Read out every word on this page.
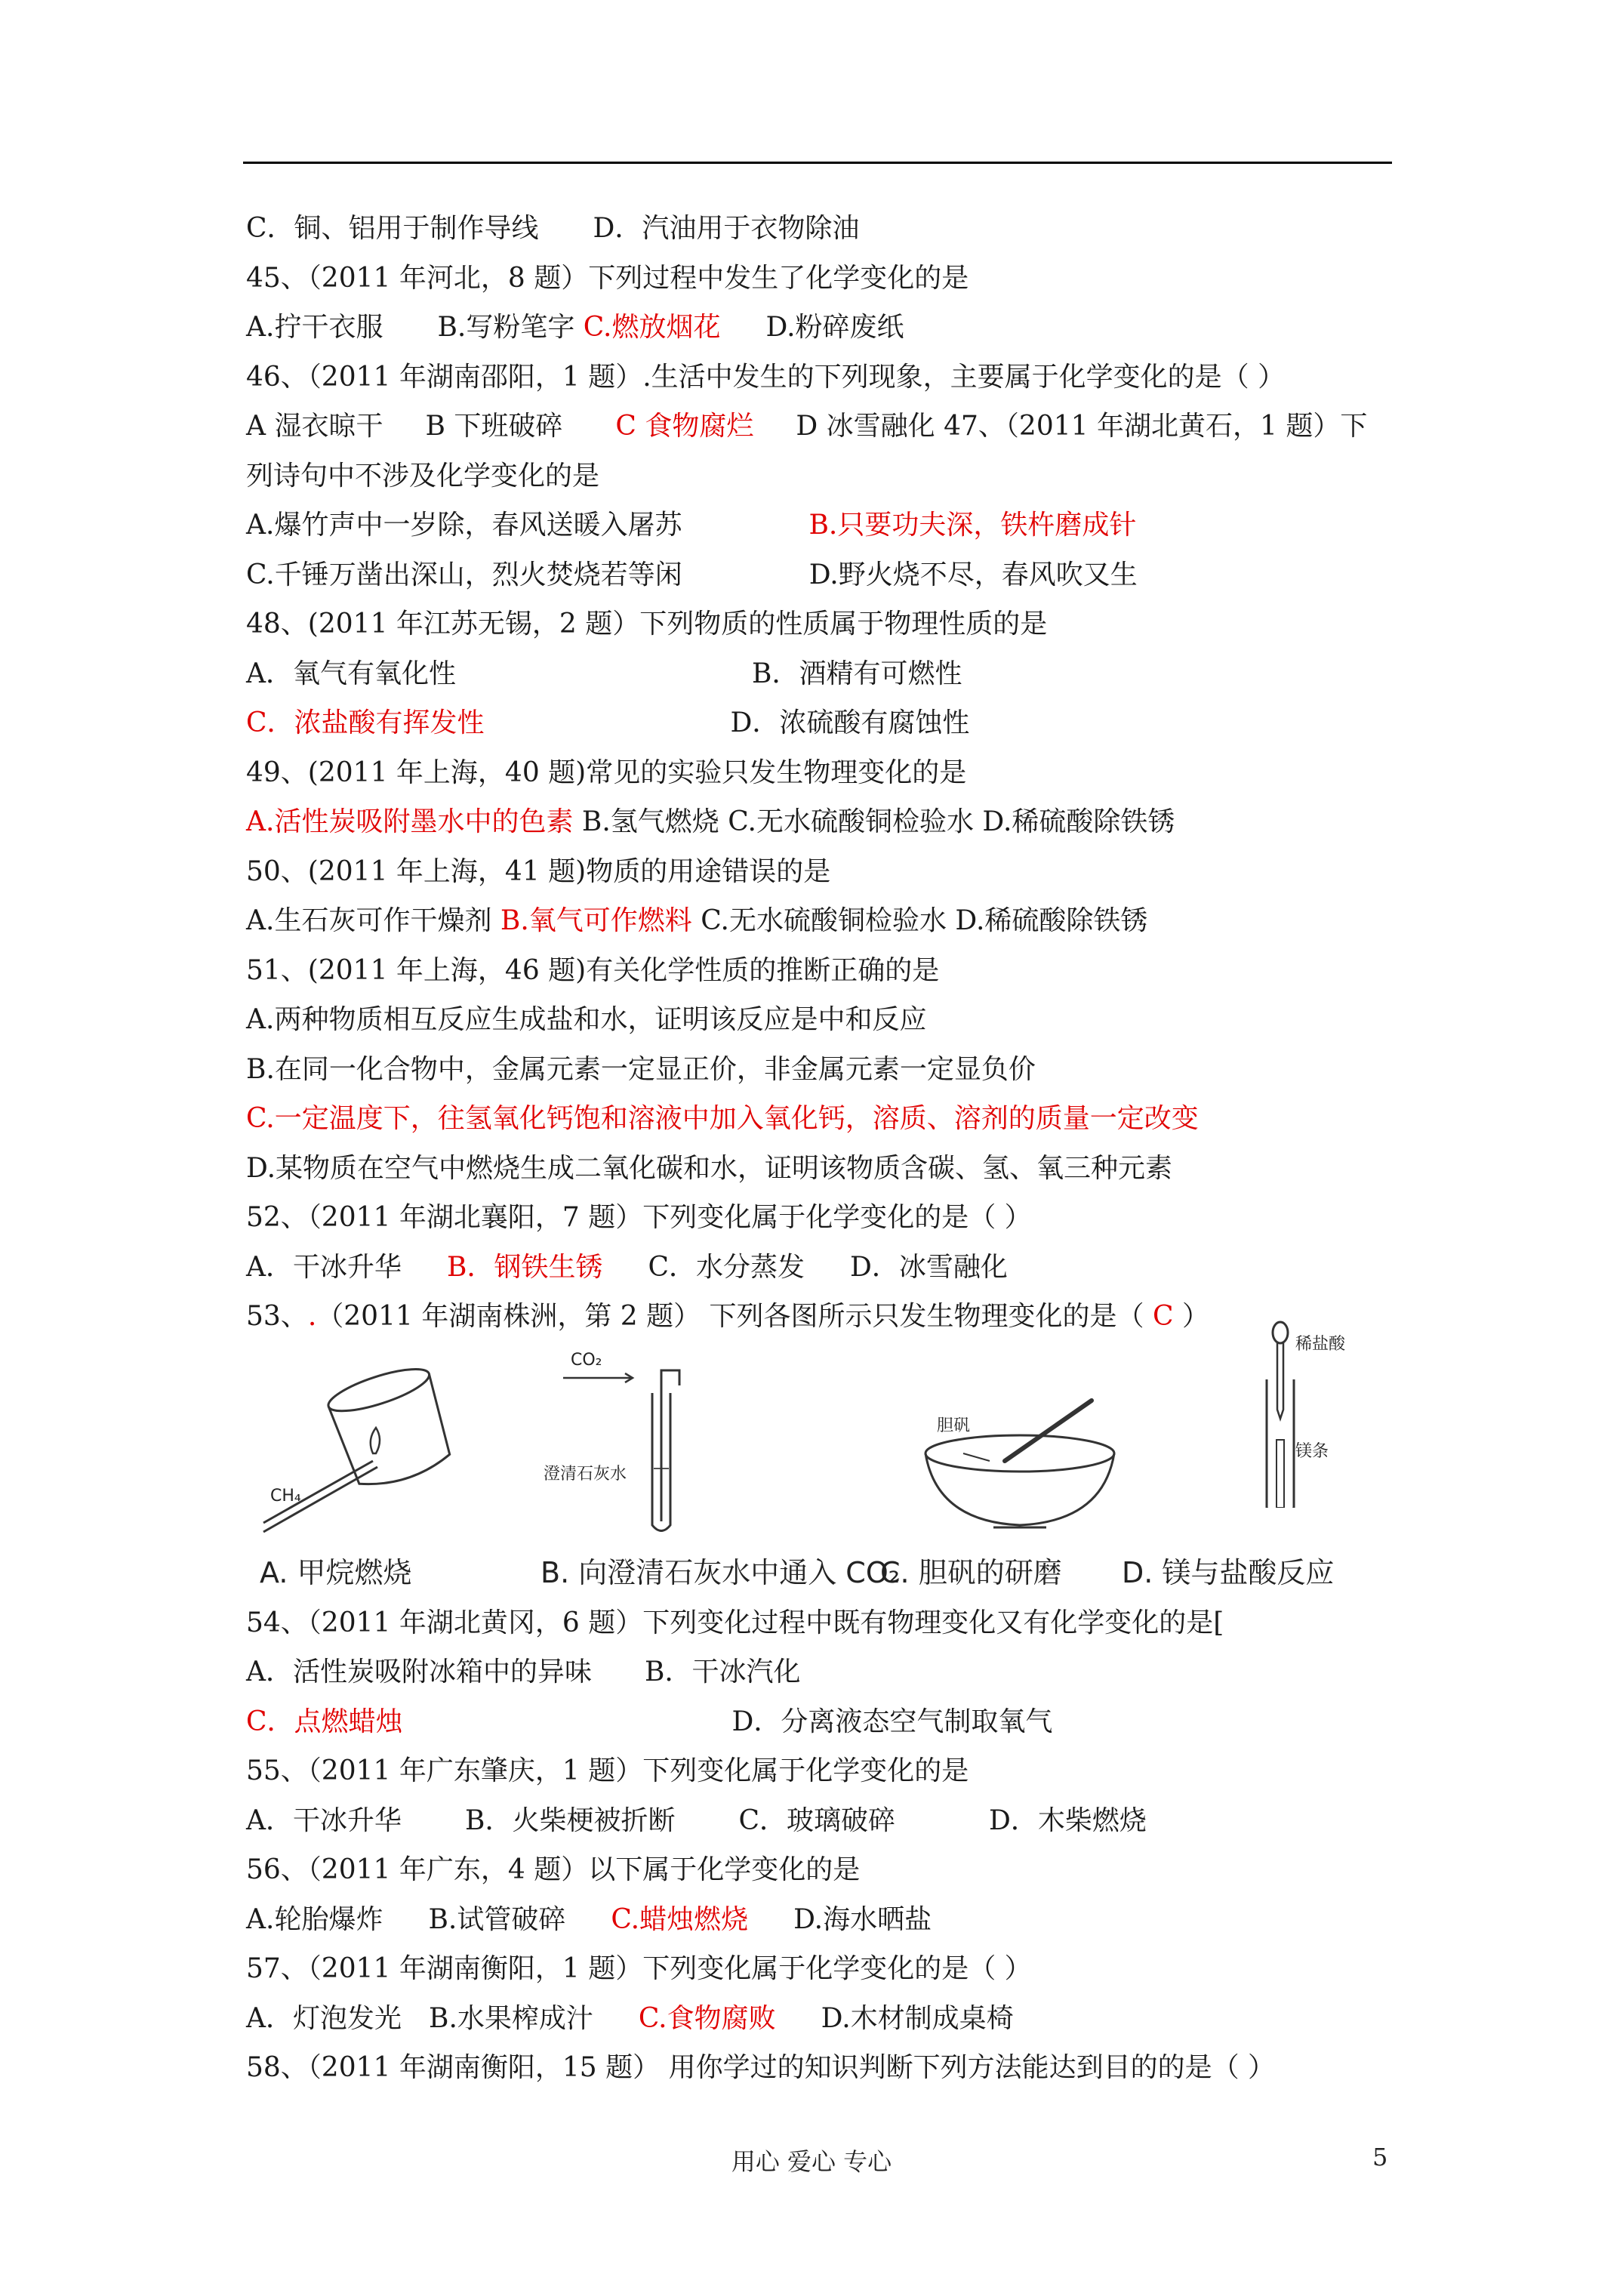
C．铜、铝用于制作导线 D．汽油用于衣物除油
45、（2011 年河北，8 题）下列过程中发生了化学变化的是
A.拧干衣服 B.写粉笔字 C.燃放烟花 D.粉碎废纸
46、（2011 年湖南邵阳，1 题）.生活中发生的下列现象，主要属于化学变化的是（ ）
A 湿衣晾干 B 下班破碎 C 食物腐烂 D 冰雪融化 47、（2011 年湖北黄石，1 题）下
列诗句中不涉及化学变化的是
A.爆竹声中一岁除，春风送暖入屠苏	B.只要功夫深，铁杵磨成针
C.千锤万凿出深山，烈火焚烧若等闲	D.野火烧不尽，春风吹又生
48、(2011 年江苏无锡，2 题）下列物质的性质属于物理性质的是
A．氧气有氧化性	B．酒精有可燃性
C．浓盐酸有挥发性	D．浓硫酸有腐蚀性
49、(2011 年上海，40 题)常见的实验只发生物理变化的是
A.活性炭吸附墨水中的色素 B.氢气燃烧 C.无水硫酸铜检验水 D.稀硫酸除铁锈
50、(2011 年上海，41 题)物质的用途错误的是
A.生石灰可作干燥剂 B.氧气可作燃料 C.无水硫酸铜检验水 D.稀硫酸除铁锈
51、(2011 年上海，46 题)有关化学性质的推断正确的是
A.两种物质相互反应生成盐和水，证明该反应是中和反应
B.在同一化合物中，金属元素一定显正价，非金属元素一定显负价
C.一定温度下，往氢氧化钙饱和溶液中加入氧化钙，溶质、溶剂的质量一定改变
D.某物质在空气中燃烧生成二氧化碳和水，证明该物质含碳、氢、氧三种元素
52、（2011 年湖北襄阳，7 题）下列变化属于化学变化的是（ ）
A．干冰升华 B．钢铁生锈 C．水分蒸发 D．冰雪融化
53、.（2011 年湖南株洲，第 2 题） 下列各图所示只发生物理变化的是（ C ）
CH₄
A. 甲烷燃烧
CO₂
澄清石灰水
B. 向澄清石灰水中通入 CO₂
胆矾
C. 胆矾的研磨
稀盐酸
镁条
D. 镁与盐酸反应
54、（2011 年湖北黄冈，6 题）下列变化过程中既有物理变化又有化学变化的是[
A．活性炭吸附冰箱中的异味 B．干冰汽化
C．点燃蜡烛	D．分离液态空气制取氧气
55、（2011 年广东肇庆，1 题）下列变化属于化学变化的是
A．干冰升华 B．火柴梗被折断 C．玻璃破碎	D．木柴燃烧
56、（2011 年广东，4 题）以下属于化学变化的是
A.轮胎爆炸 B.试管破碎 C.蜡烛燃烧 D.海水晒盐
57、（2011 年湖南衡阳，1 题）下列变化属于化学变化的是（ ）
A．灯泡发光 B.水果榨成汁 C.食物腐败 D.木材制成桌椅
58、（2011 年湖南衡阳，15 题） 用你学过的知识判断下列方法能达到目的的是（ ）
用心 爱心 专心	5
